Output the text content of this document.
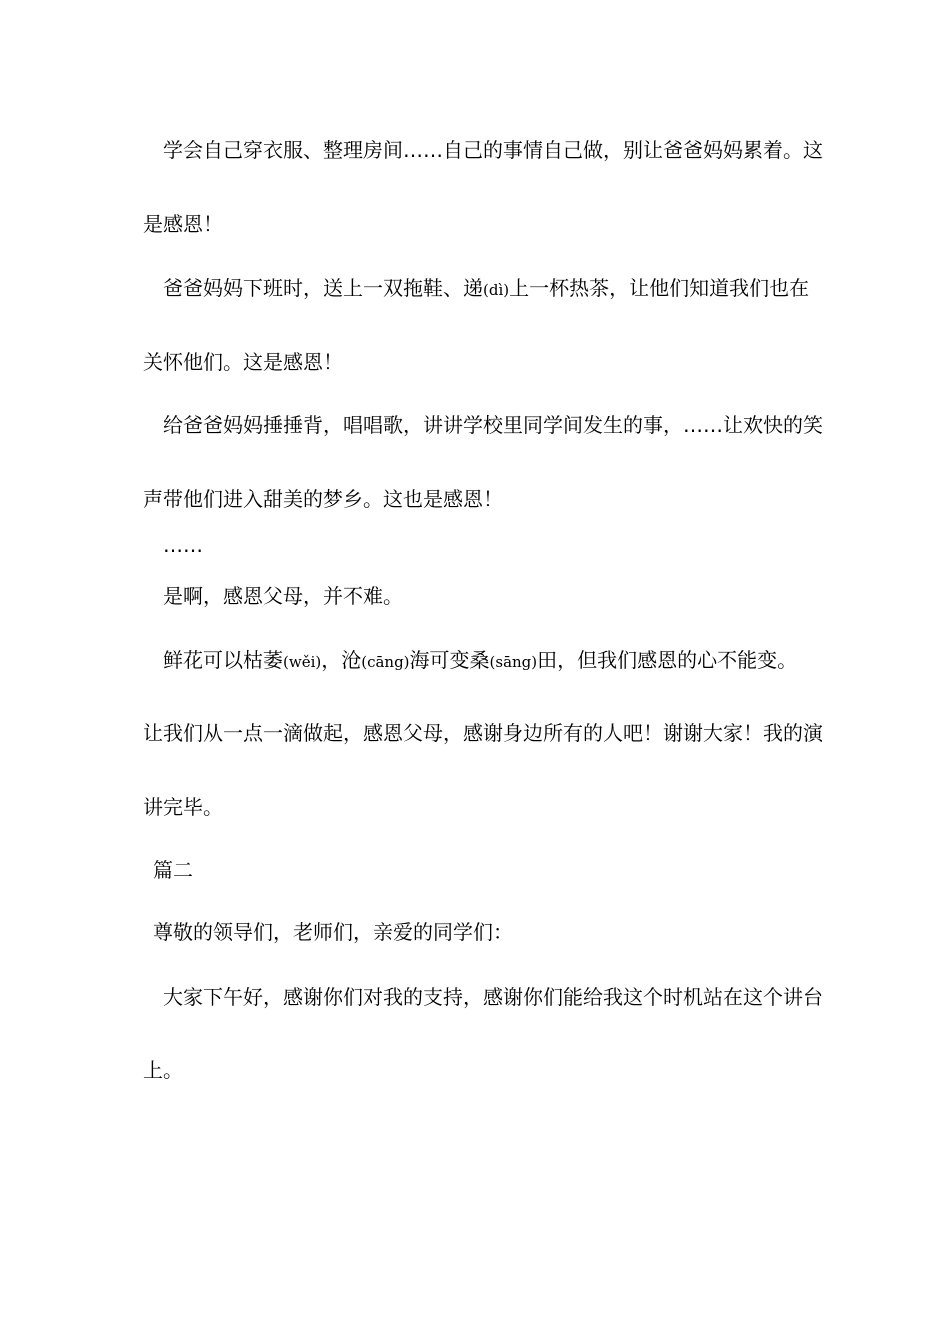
学会自己穿衣服、整理房间……自己的事情自己做，别让爸爸妈妈累着。这
是感恩！
爸爸妈妈下班时，送上一双拖鞋、递(dì)上一杯热茶，让他们知道我们也在
关怀他们。这是感恩！
给爸爸妈妈捶捶背，唱唱歌，讲讲学校里同学间发生的事，……让欢快的笑
声带他们进入甜美的梦乡。这也是感恩！
……
是啊，感恩父母，并不难。
鲜花可以枯萎(wěi)，沧(cāng)海可变桑(sāng)田，但我们感恩的心不能变。
让我们从一点一滴做起，感恩父母，感谢身边所有的人吧！谢谢大家！我的演
讲完毕。
篇二
尊敬的领导们，老师们，亲爱的同学们：
大家下午好，感谢你们对我的支持，感谢你们能给我这个时机站在这个讲台
上。
